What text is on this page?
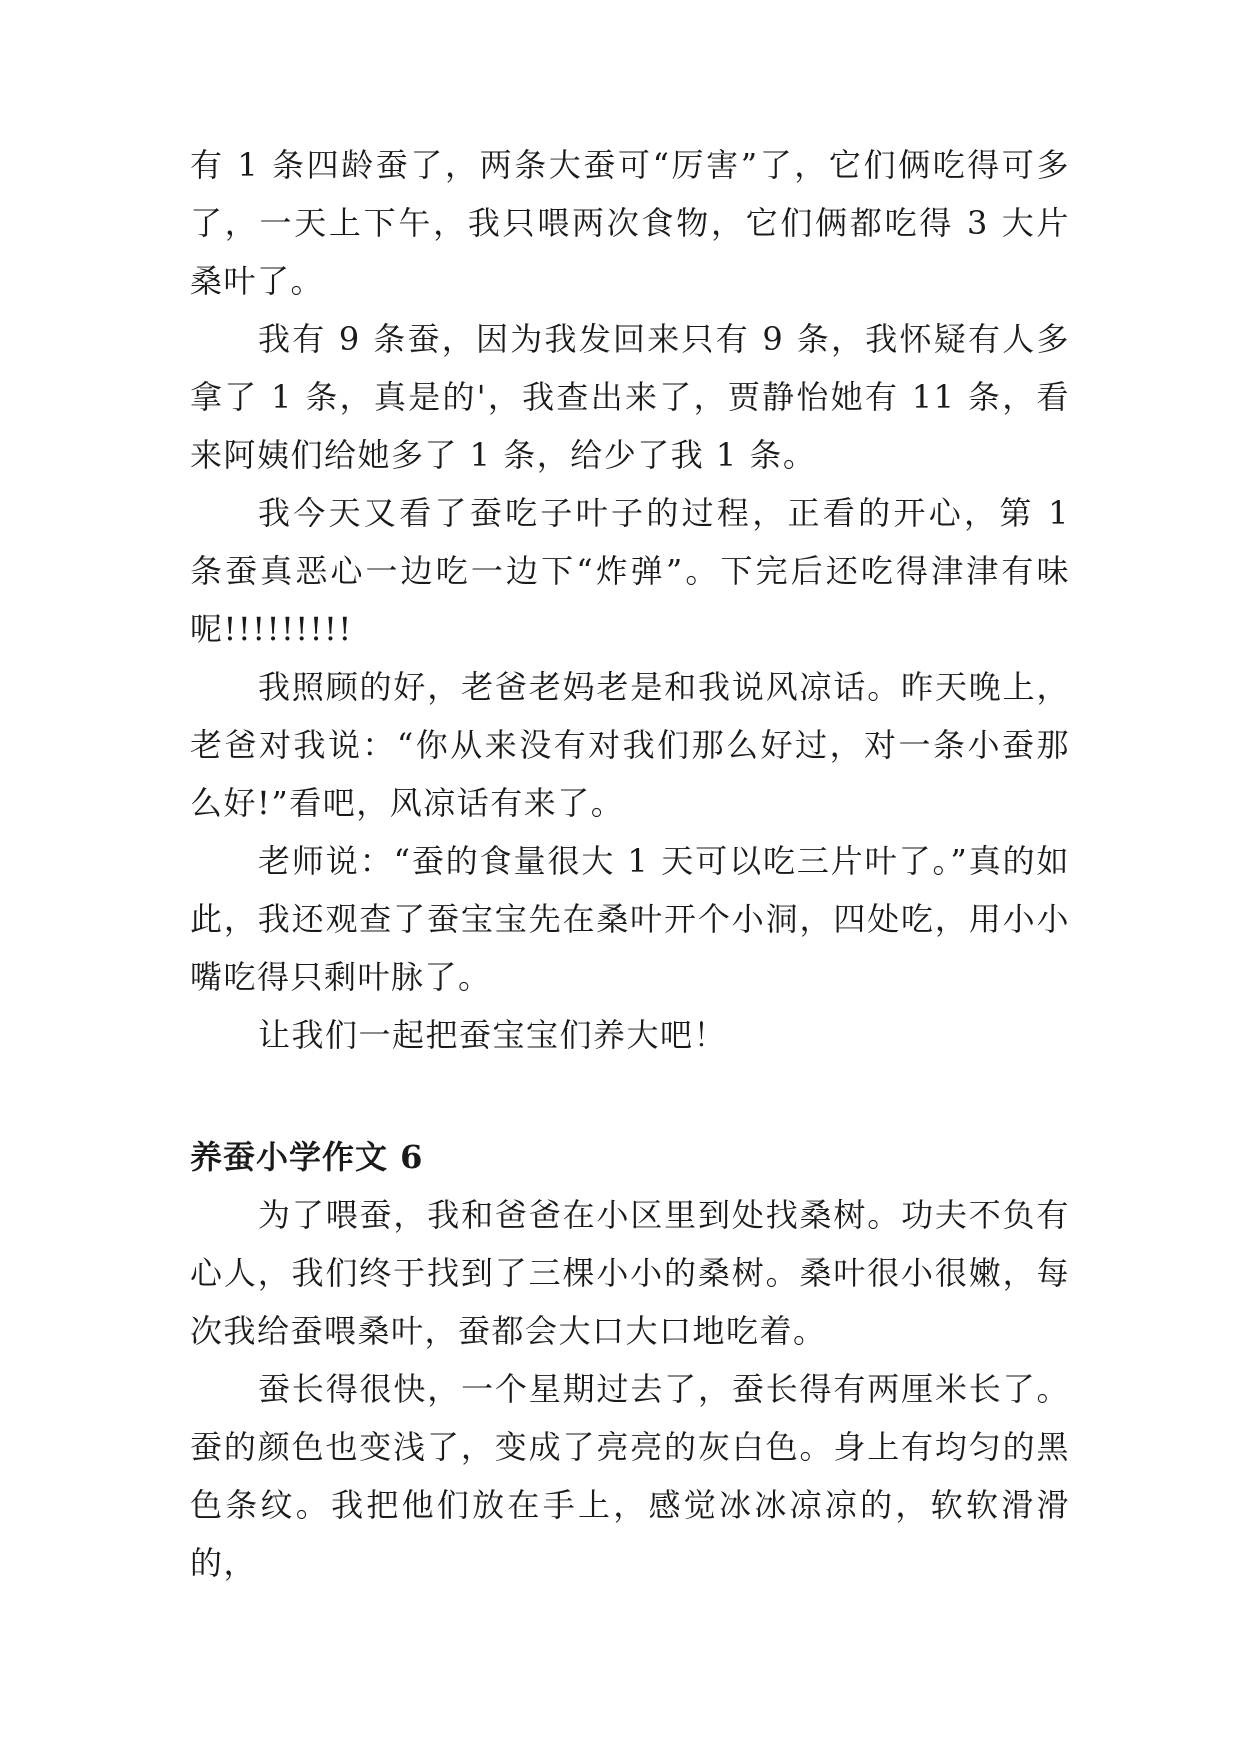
有 1 条四龄蚕了，两条大蚕可“厉害”了，它们俩吃得可多了，一天上下午，我只喂两次食物，它们俩都吃得 3 大片桑叶了。

我有 9 条蚕，因为我发回来只有 9 条，我怀疑有人多拿了 1 条，真是的'，我查出来了，贾静怡她有 11 条，看来阿姨们给她多了 1 条，给少了我 1 条。

我今天又看了蚕吃子叶子的过程，正看的开心，第 1 条蚕真恶心一边吃一边下“炸弹”。下完后还吃得津津有味呢!!!!!!!!!

我照顾的好，老爸老妈老是和我说风凉话。昨天晚上，老爸对我说：“你从来没有对我们那么好过，对一条小蚕那么好!”看吧，风凉话有来了。

老师说：“蚕的食量很大 1 天可以吃三片叶了。”真的如此，我还观查了蚕宝宝先在桑叶开个小洞，四处吃，用小小嘴吃得只剩叶脉了。

让我们一起把蚕宝宝们养大吧！

养蚕小学作文 6

为了喂蚕，我和爸爸在小区里到处找桑树。功夫不负有心人，我们终于找到了三棵小小的桑树。桑叶很小很嫩，每次我给蚕喂桑叶，蚕都会大口大口地吃着。

蚕长得很快，一个星期过去了，蚕长得有两厘米长了。蚕的颜色也变浅了，变成了亮亮的灰白色。身上有均匀的黑色条纹。我把他们放在手上，感觉冰冰凉凉的，软软滑滑的，
